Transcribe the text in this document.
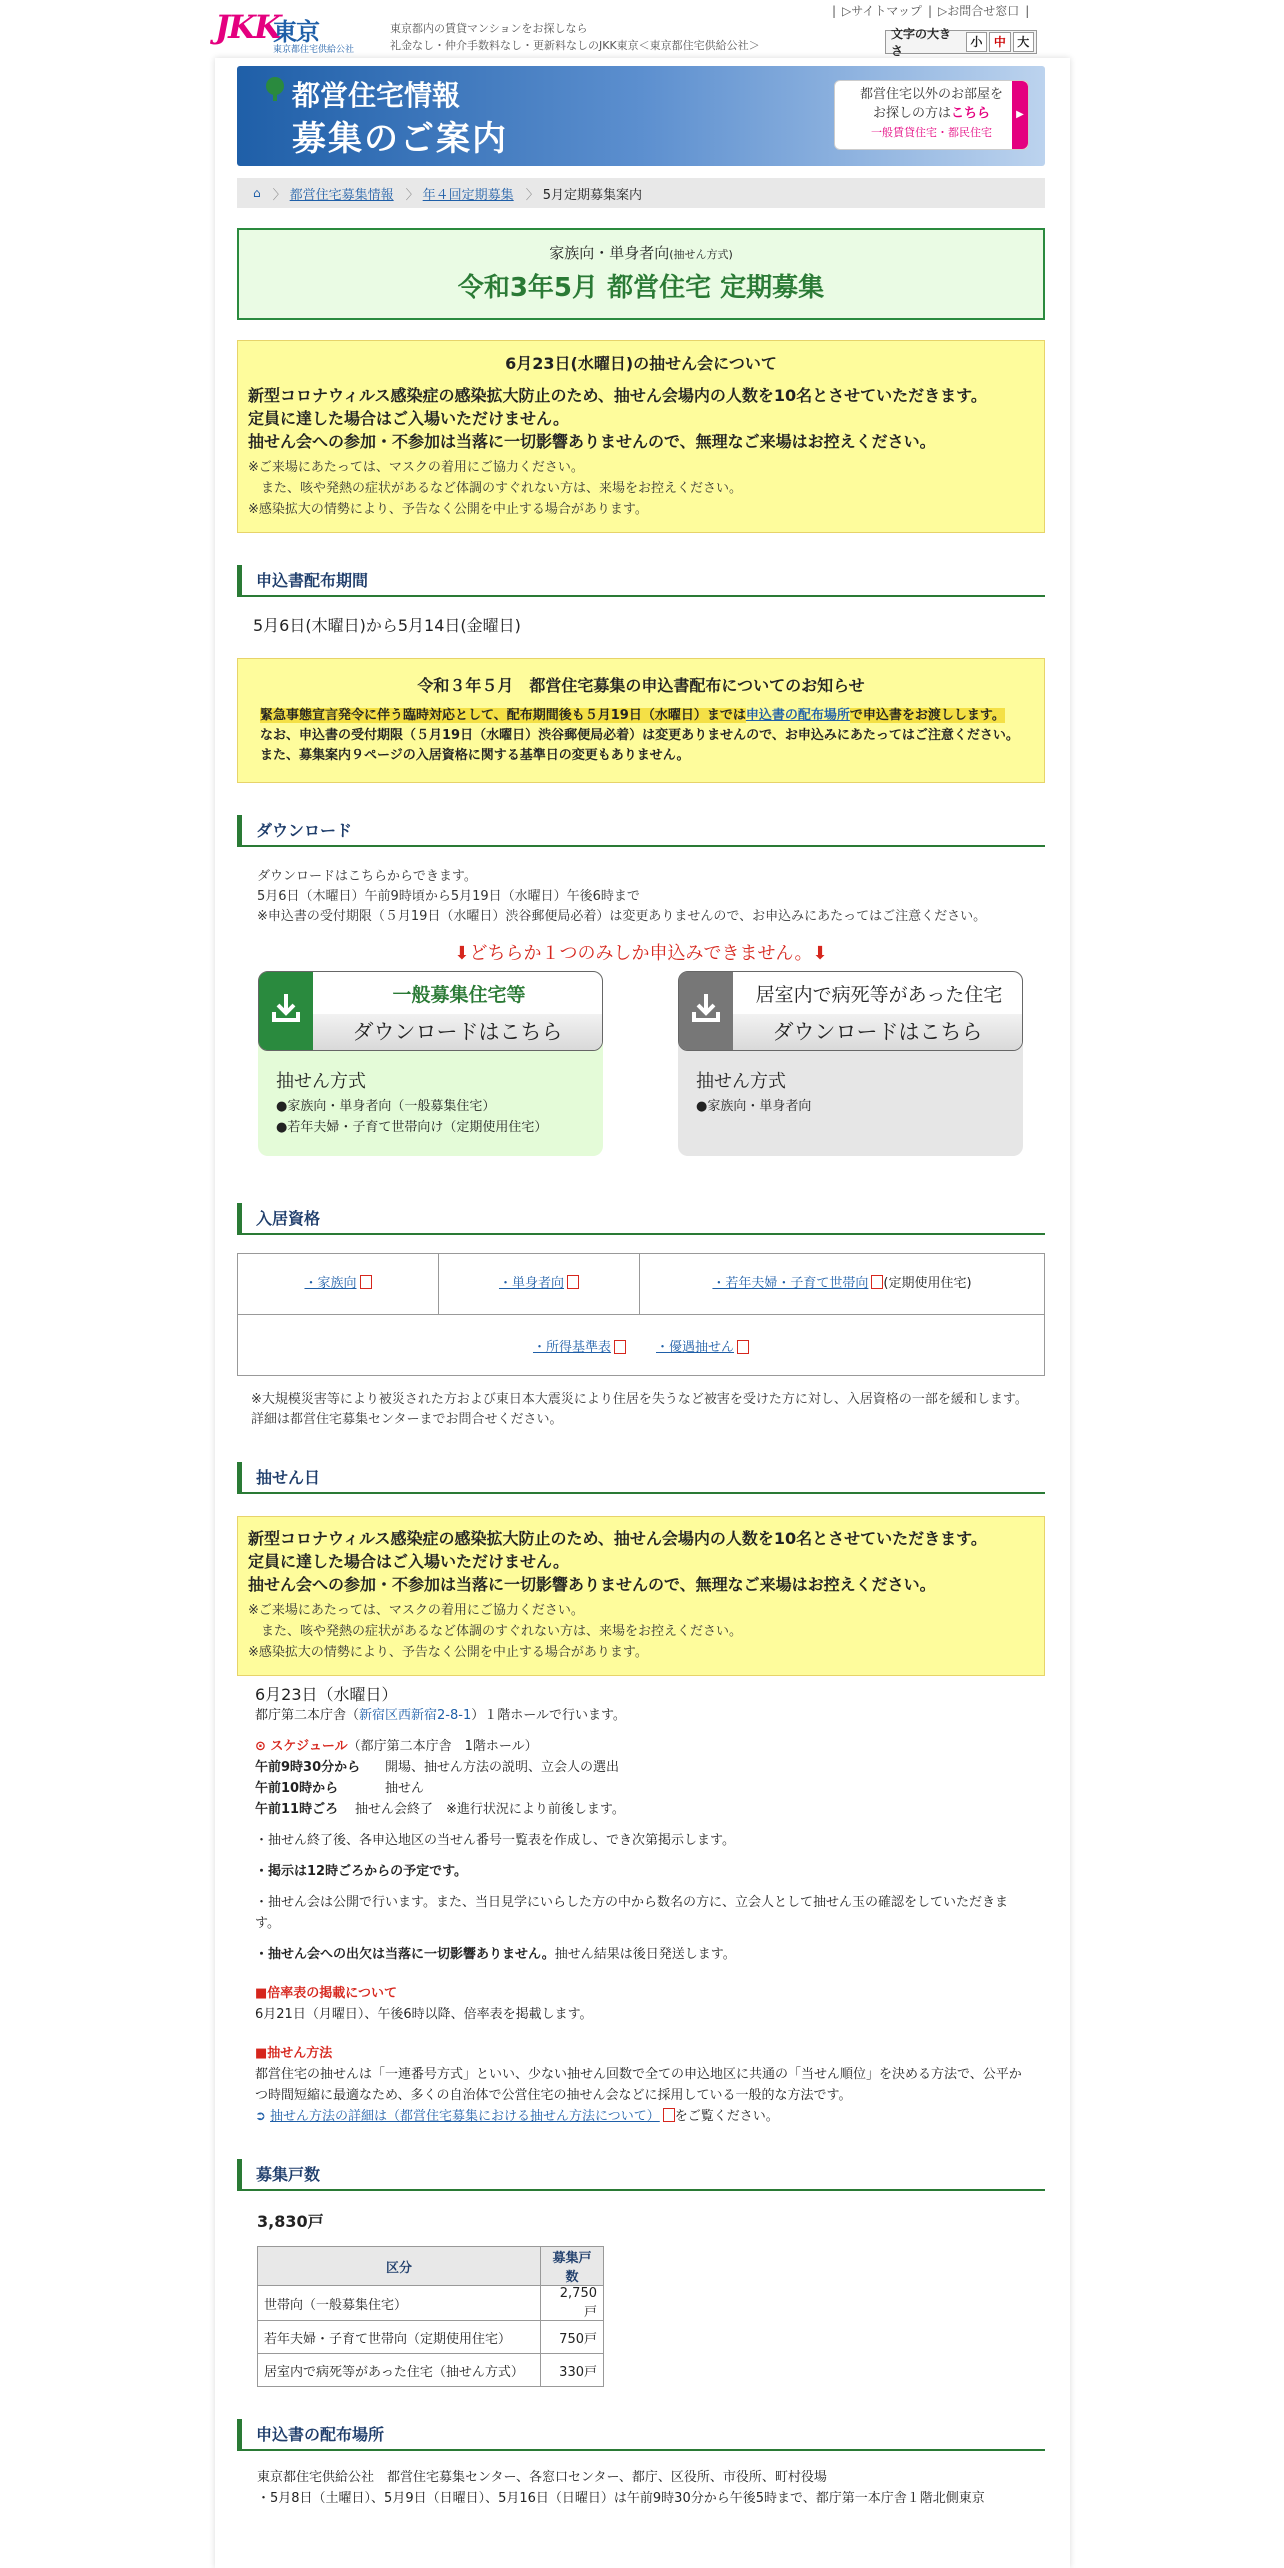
JKK
東京
東京都住宅供給公社
東京都内の賃貸マンションをお探しなら
礼金なし・仲介手数料なし・更新料なしのJKK東京＜東京都住宅供給公社＞
| ▷サイトマップ | ▷お問合せ窓口 |
文字の大きさ
小 中 大
都営住宅情報
募集のご案内
都営住宅以外のお部屋を
お探しの方はこちら
一般賃貸住宅・都民住宅
▶
⌂ 〉 都営住宅募集情報 〉 年４回定期募集 〉 5月定期募集案内
家族向・単身者向(抽せん方式)
令和3年5月 都営住宅 定期募集
6月23日(水曜日)の抽せん会について
新型コロナウィルス感染症の感染拡大防止のため、抽せん会場内の人数を10名とさせていただきます。
定員に達した場合はご入場いただけません。
抽せん会への参加・不参加は当落に一切影響ありませんので、無理なご来場はお控えください。
※ご来場にあたっては、マスクの着用にご協力ください。
　また、咳や発熱の症状があるなど体調のすぐれない方は、来場をお控えください。
※感染拡大の情勢により、予告なく公開を中止する場合があります。
申込書配布期間
5月6日(木曜日)から5月14日(金曜日)
令和３年５月　都営住宅募集の申込書配布についてのお知らせ
緊急事態宣言発令に伴う臨時対応として、配布期間後も５月19日（水曜日）までは申込書の配布場所で申込書をお渡しします。
なお、申込書の受付期限（５月19日（水曜日）渋谷郵便局必着）は変更ありませんので、お申込みにあたってはご注意ください。
また、募集案内９ページの入居資格に関する基準日の変更もありません。
ダウンロード
ダウンロードはこちらからできます。
5月6日（木曜日）午前9時頃から5月19日（水曜日）午後6時まで
※申込書の受付期限（５月19日（水曜日）渋谷郵便局必着）は変更ありませんので、お申込みにあたってはご注意ください。
⬇どちらか１つのみしか申込みできません。⬇
一般募集住宅等
ダウンロードはこちら
抽せん方式
●家族向・単身者向（一般募集住宅）
●若年夫婦・子育て世帯向け（定期使用住宅）
居室内で病死等があった住宅
ダウンロードはこちら
抽せん方式
●家族向・単身者向
入居資格
・家族向	・単身者向	・若年夫婦・子育て世帯向 (定期使用住宅)
・所得基準表	・優遇抽せん
※大規模災害等により被災された方および東日本大震災により住居を失うなど被害を受けた方に対し、入居資格の一部を緩和します。詳細は都営住宅募集センターまでお問合せください。
抽せん日
新型コロナウィルス感染症の感染拡大防止のため、抽せん会場内の人数を10名とさせていただきます。
定員に達した場合はご入場いただけません。
抽せん会への参加・不参加は当落に一切影響ありませんので、無理なご来場はお控えください。
※ご来場にあたっては、マスクの着用にご協力ください。
　また、咳や発熱の症状があるなど体調のすぐれない方は、来場をお控えください。
※感染拡大の情勢により、予告なく公開を中止する場合があります。
6月23日（水曜日）
都庁第二本庁舎（新宿区西新宿2-8-1）１階ホールで行います。
⊙ スケジュール（都庁第二本庁舎　1階ホール）
午前9時30分から 開場、抽せん方法の説明、立会人の選出
午前10時から	抽せん
午前11時ごろ 抽せん会終了　※進行状況により前後します。
・抽せん終了後、各申込地区の当せん番号一覧表を作成し、でき次第掲示します。
・掲示は12時ごろからの予定です。
・抽せん会は公開で行います。また、当日見学にいらした方の中から数名の方に、立会人として抽せん玉の確認をしていただきます。
・抽せん会への出欠は当落に一切影響ありません。抽せん結果は後日発送します。
■倍率表の掲載について
6月21日（月曜日）、午後6時以降、倍率表を掲載します。
■抽せん方法
都営住宅の抽せんは「一連番号方式」といい、少ない抽せん回数で全ての申込地区に共通の「当せん順位」を決める方法で、公平かつ時間短縮に最適なため、多くの自治体で公営住宅の抽せん会などに採用している一般的な方法です。
➲ 抽せん方法の詳細は（都営住宅募集における抽せん方法について） をご覧ください。
募集戸数
3,830戸
区分	募集戸数
世帯向（一般募集住宅）	2,750戸
若年夫婦・子育て世帯向（定期使用住宅）	750戸
居室内で病死等があった住宅（抽せん方式）	330戸
申込書の配布場所
東京都住宅供給公社　都営住宅募集センター、各窓口センター、都庁、区役所、市役所、町村役場
・5月8日（土曜日）、5月9日（日曜日）、5月16日（日曜日）は午前9時30分から午後5時まで、都庁第一本庁舎１階北側東京
